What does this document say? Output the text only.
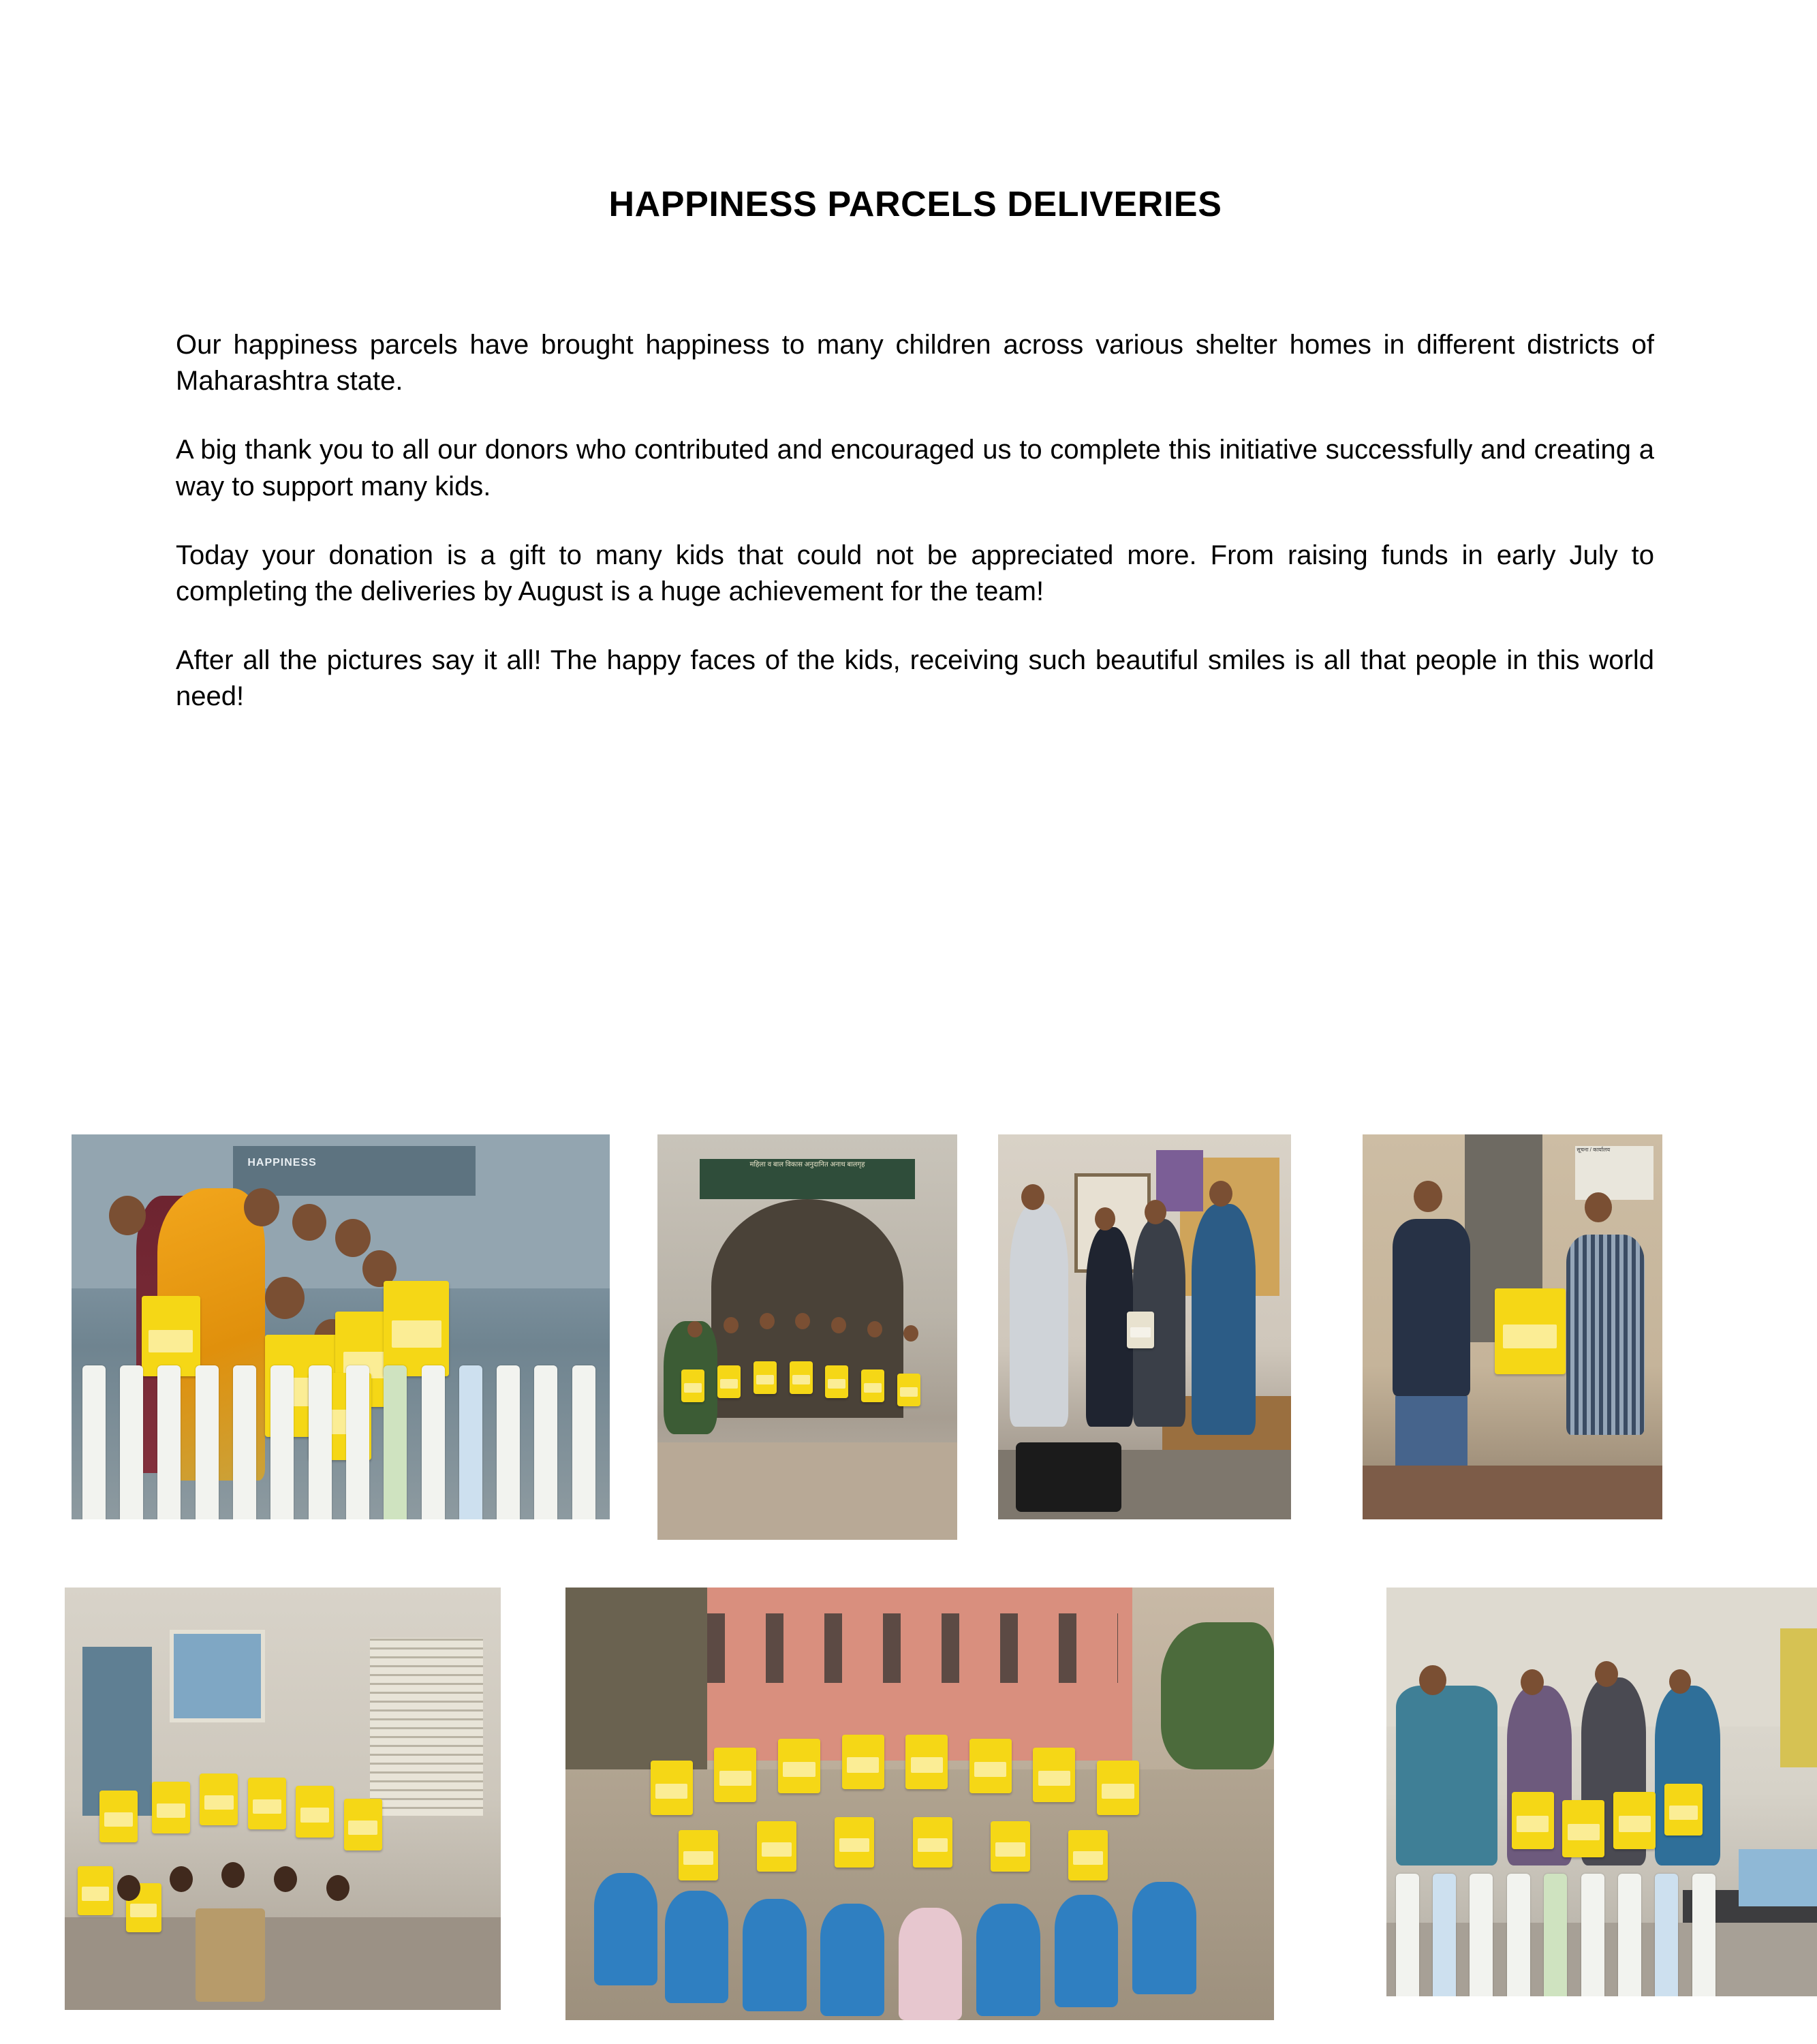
HAPPINESS PARCELS DELIVERIES

Our happiness parcels have brought happiness to many children across various shelter homes in different districts of Maharashtra state.

A big thank you to all our donors who contributed and encouraged us to complete this initiative successfully and creating a way to support many kids.

Today your donation is a gift to many kids that could not be appreciated more. From raising funds in early July to completing the deliveries by August is a huge achievement for the team!

After all the pictures say it all! The happy faces of the kids, receiving such beautiful smiles is all that people in this world need!

HAPPINESS	महिला व बाल विकास अनुदानित अनाथ बालगृह
सूचना / कार्यालय
